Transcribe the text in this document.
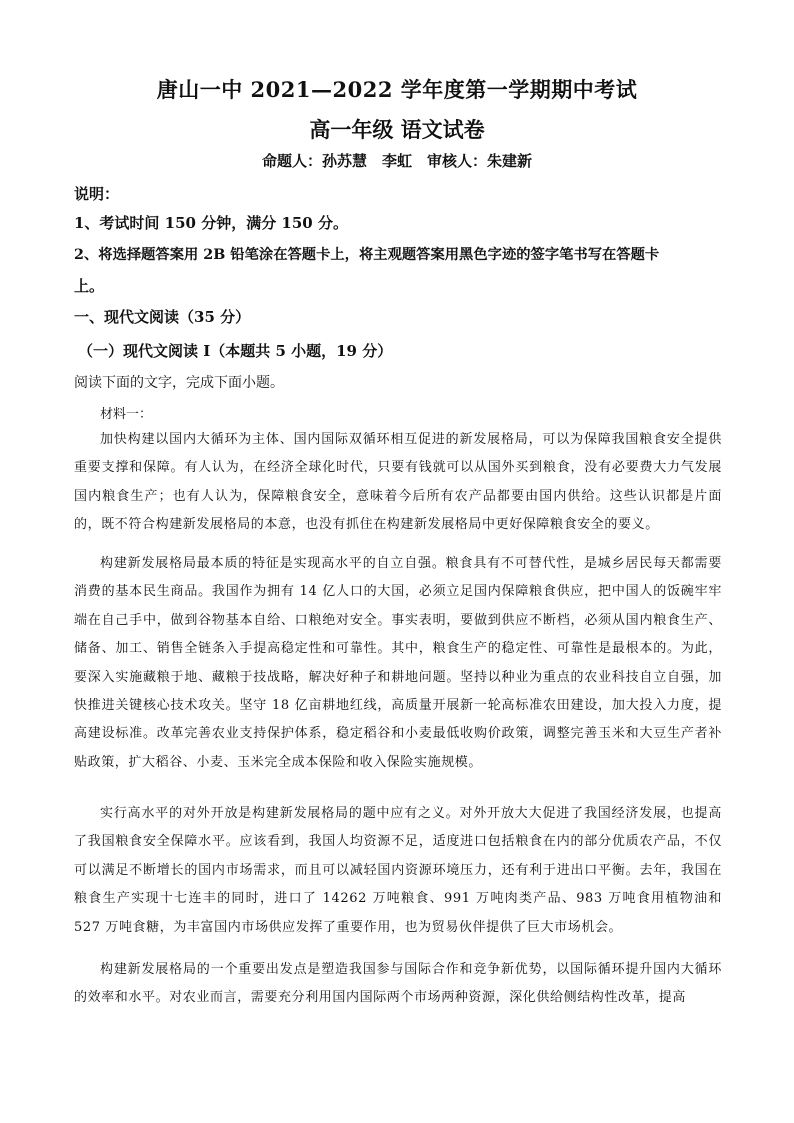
唐山一中 2021—2022 学年度第一学期期中考试
高一年级 语文试卷
命题人：孙苏慧　李虹　审核人：朱建新
说明：
1、考试时间 150 分钟，满分 150 分。
2、将选择题答案用 2B 铅笔涂在答题卡上，将主观题答案用黑色字迹的签字笔书写在答题卡
上。
一、现代文阅读（35 分）
（一）现代文阅读 I（本题共 5 小题，19 分）
阅读下面的文字，完成下面小题。
材料一：
加快构建以国内大循环为主体、国内国际双循环相互促进的新发展格局，可以为保障我国粮食安全提供重要支撑和保障。有人认为，在经济全球化时代，只要有钱就可以从国外买到粮食，没有必要费大力气发展国内粮食生产；也有人认为，保障粮食安全，意味着今后所有农产品都要由国内供给。这些认识都是片面的，既不符合构建新发展格局的本意，也没有抓住在构建新发展格局中更好保障粮食安全的要义。
构建新发展格局最本质的特征是实现高水平的自立自强。粮食具有不可替代性，是城乡居民每天都需要消费的基本民生商品。我国作为拥有 14 亿人口的大国，必须立足国内保障粮食供应，把中国人的饭碗牢牢端在自己手中，做到谷物基本自给、口粮绝对安全。事实表明，要做到供应不断档，必须从国内粮食生产、储备、加工、销售全链条入手提高稳定性和可靠性。其中，粮食生产的稳定性、可靠性是最根本的。为此，要深入实施藏粮于地、藏粮于技战略，解决好种子和耕地问题。坚持以种业为重点的农业科技自立自强，加快推进关键核心技术攻关。坚守 18 亿亩耕地红线，高质量开展新一轮高标准农田建设，加大投入力度，提高建设标准。改革完善农业支持保护体系，稳定稻谷和小麦最低收购价政策，调整完善玉米和大豆生产者补贴政策，扩大稻谷、小麦、玉米完全成本保险和收入保险实施规模。
实行高水平的对外开放是构建新发展格局的题中应有之义。对外开放大大促进了我国经济发展，也提高了我国粮食安全保障水平。应该看到，我国人均资源不足，适度进口包括粮食在内的部分优质农产品，不仅可以满足不断增长的国内市场需求，而且可以减轻国内资源环境压力，还有利于进出口平衡。去年，我国在粮食生产实现十七连丰的同时，进口了 14262 万吨粮食、991 万吨肉类产品、983 万吨食用植物油和 527 万吨食糖，为丰富国内市场供应发挥了重要作用，也为贸易伙伴提供了巨大市场机会。
构建新发展格局的一个重要出发点是塑造我国参与国际合作和竞争新优势，以国际循环提升国内大循环的效率和水平。对农业而言，需要充分利用国内国际两个市场两种资源，深化供给侧结构性改革，提高
